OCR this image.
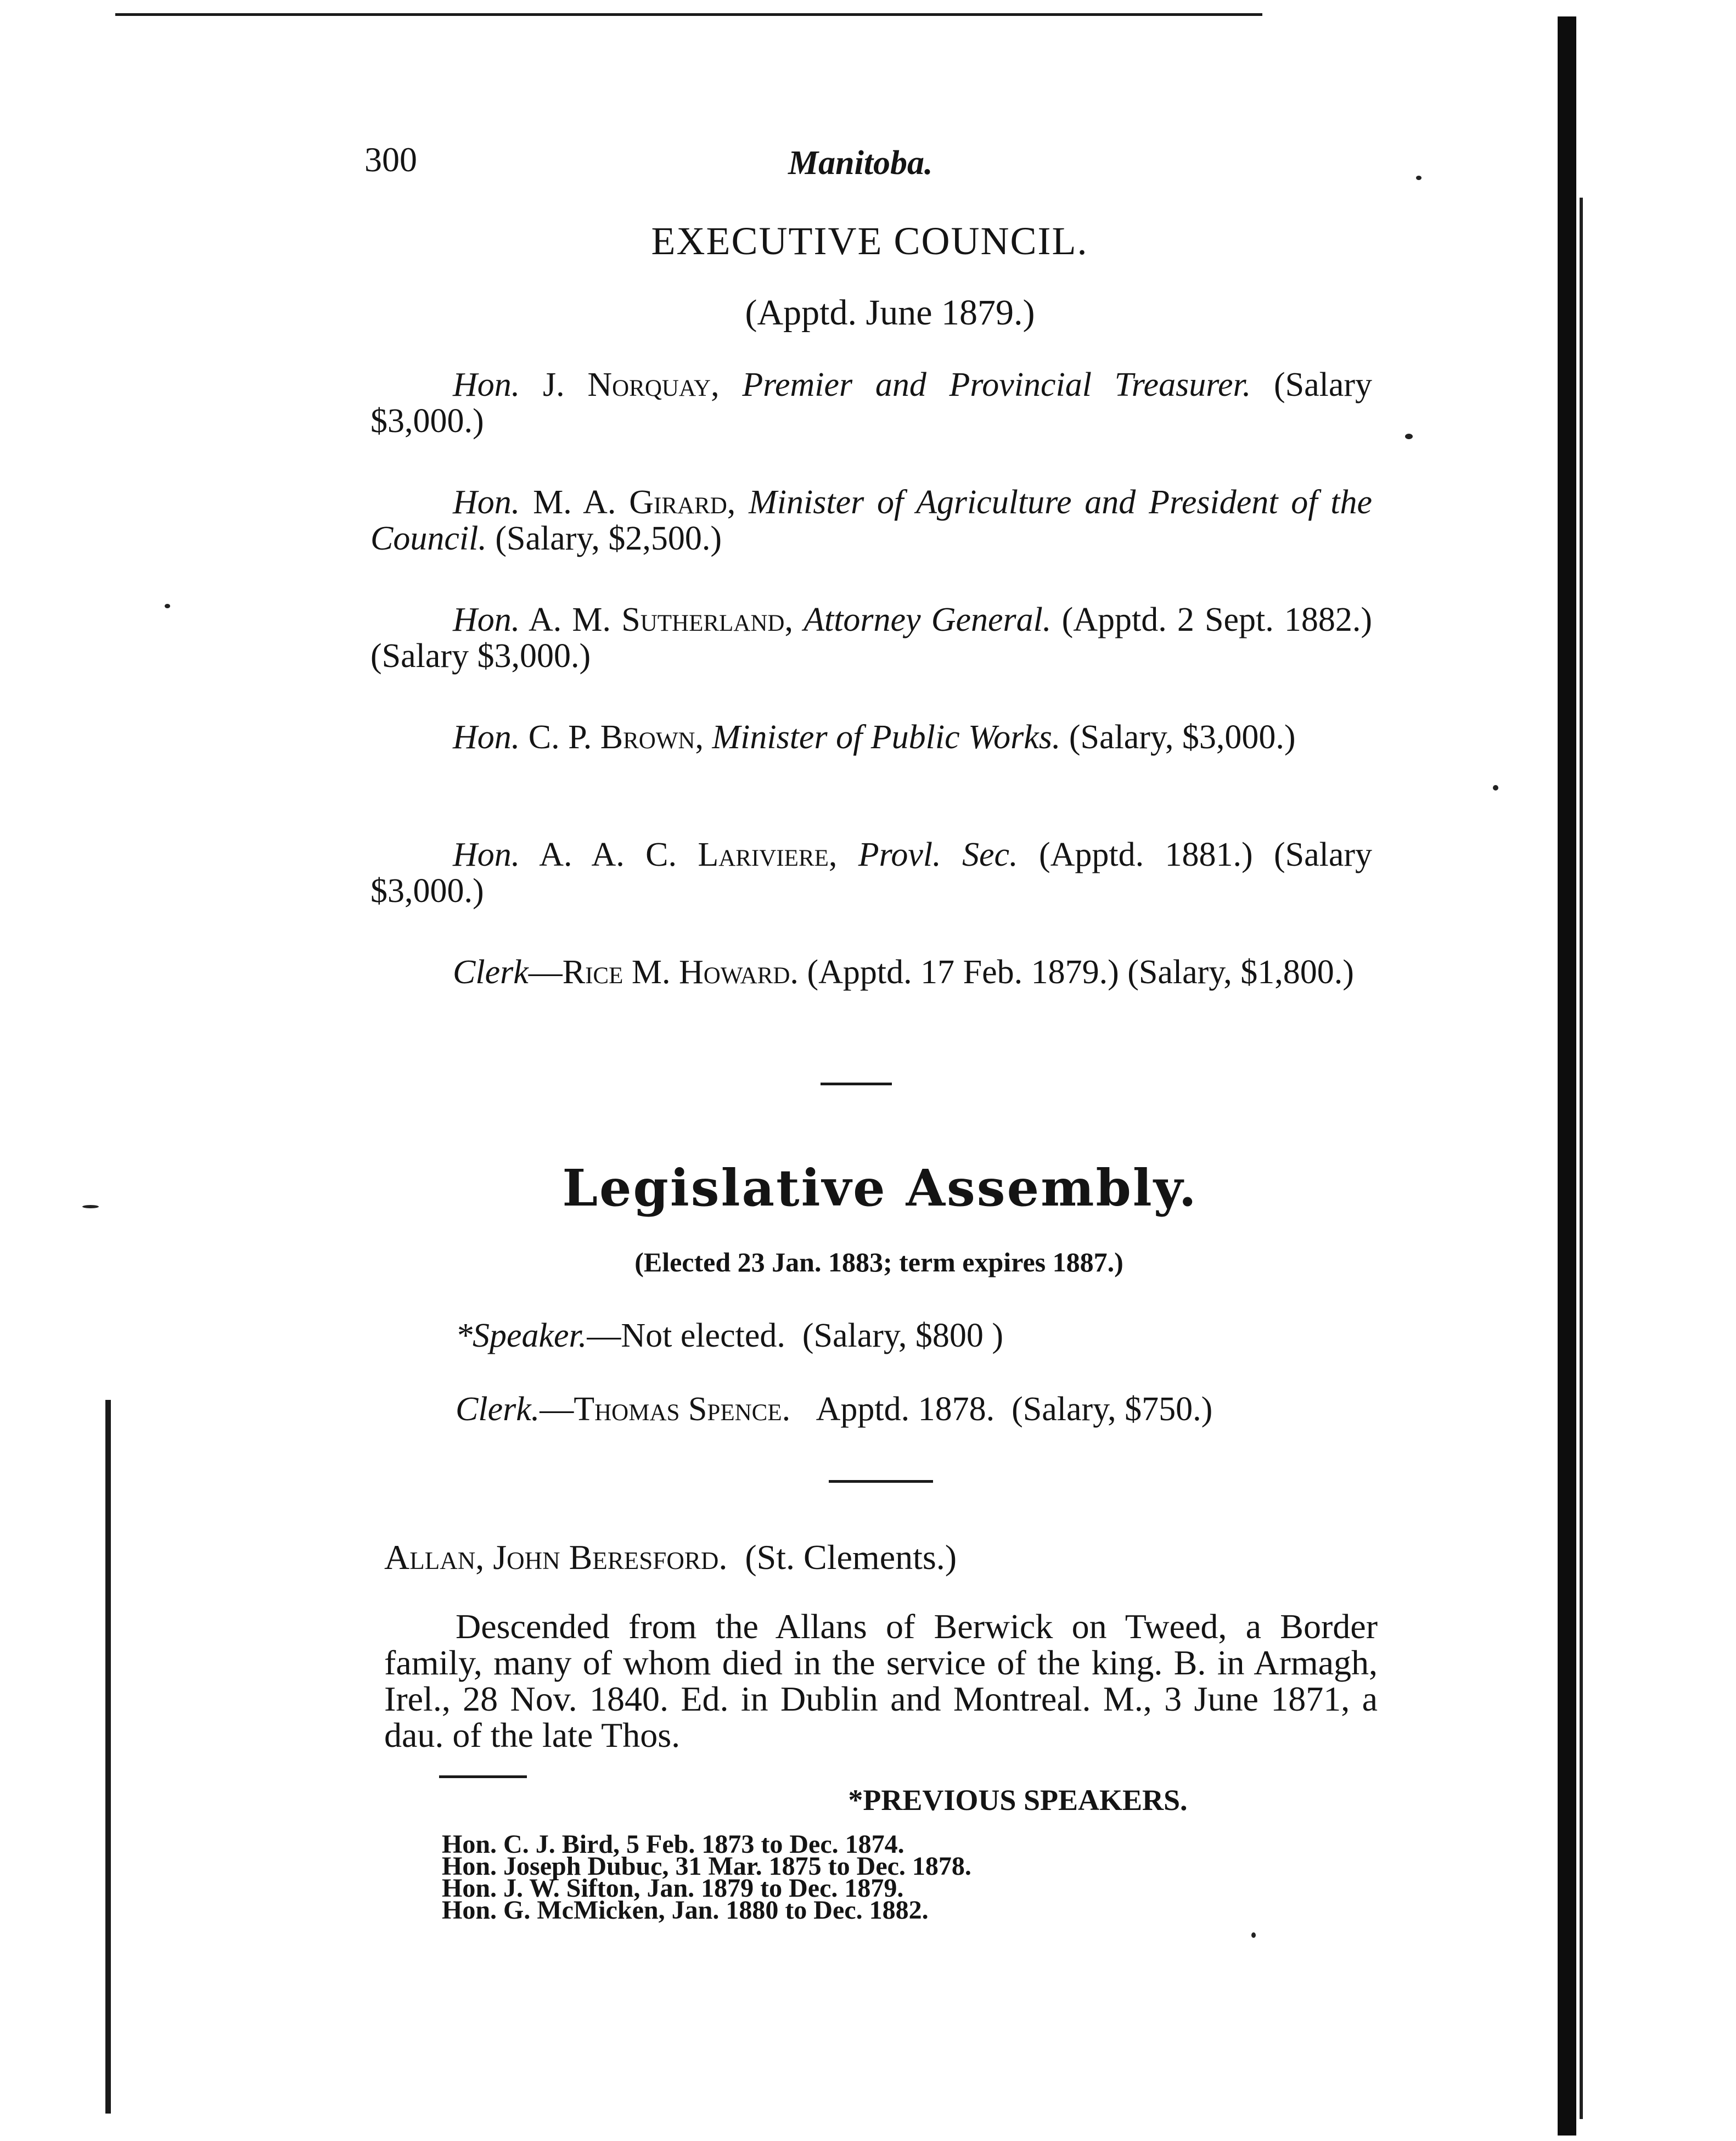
300	Manitoba.
EXECUTIVE COUNCIL.
(Apptd. June 1879.)
Hon. J. Norquay, Premier and Provincial Treasurer. (Salary $3,000.)
Hon. M. A. Girard, Minister of Agriculture and President of the Council. (Salary, $2,500.)
Hon. A. M. Sutherland, Attorney General. (Apptd. 2 Sept. 1882.) (Salary $3,000.)
Hon. C. P. Brown, Minister of Public Works. (Salary, $3,000.)
Hon. A. A. C. Lariviere, Provl. Sec. (Apptd. 1881.) (Salary $3,000.)
Clerk—Rice M. Howard. (Apptd. 17 Feb. 1879.) (Salary, $1,800.)
Legislative Assembly.
(Elected 23 Jan. 1883; term expires 1887.)
*Speaker.—Not elected. (Salary, $800 )
Clerk.—Thomas Spence. Apptd. 1878. (Salary, $750.)
Allan, John Beresford. (St. Clements.)
Descended from the Allans of Berwick on Tweed, a Border family, many of whom died in the service of the king. B. in Armagh, Irel., 28 Nov. 1840. Ed. in Dublin and Montreal. M., 3 June 1871, a dau. of the late Thos.
*PREVIOUS SPEAKERS.
Hon. C. J. Bird, 5 Feb. 1873 to Dec. 1874.
Hon. Joseph Dubuc, 31 Mar. 1875 to Dec. 1878.
Hon. J. W. Sifton, Jan. 1879 to Dec. 1879.
Hon. G. McMicken, Jan. 1880 to Dec. 1882.
